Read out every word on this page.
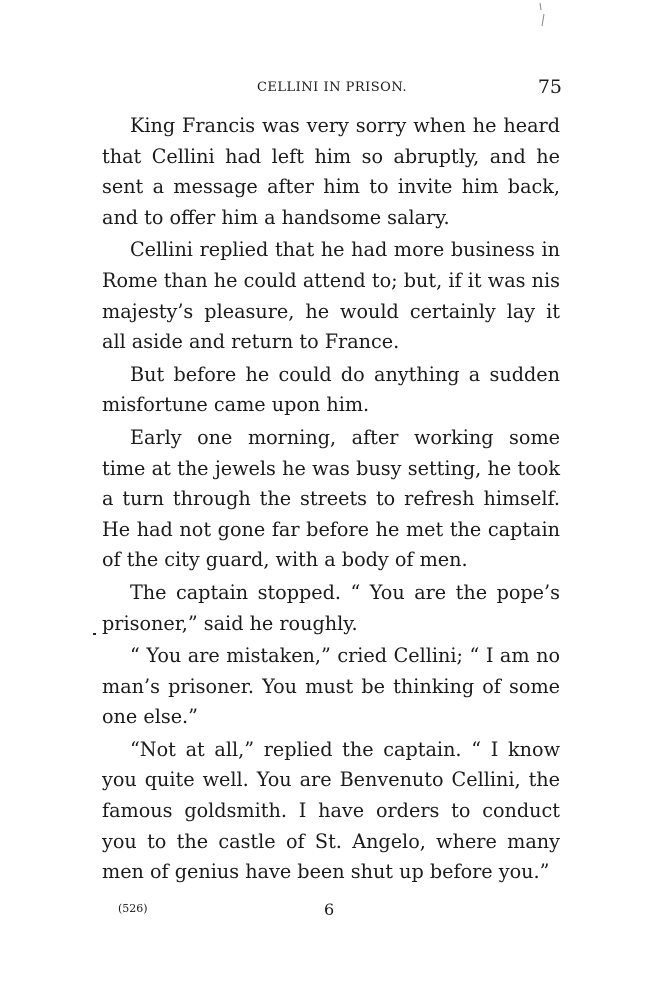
CELLINI IN PRISON.	75

King Francis was very sorry when he heard that Cellini had left him so abruptly, and he sent a message after him to invite him back, and to offer him a handsome salary.

Cellini replied that he had more business in Rome than he could attend to; but, if it was nis majesty’s pleasure, he would certainly lay it all aside and return to France.

But before he could do anything a sudden misfortune came upon him.

Early one morning, after working some time at the jewels he was busy setting, he took a turn through the streets to refresh himself. He had not gone far before he met the captain of the city guard, with a body of men.

The captain stopped. “ You are the pope’s prisoner,” said he roughly.

“ You are mistaken,” cried Cellini; “ I am no man’s prisoner. You must be thinking of some one else.”

“Not at all,” replied the captain. “ I know you quite well. You are Benvenuto Cellini, the famous goldsmith. I have orders to conduct you to the castle of St. Angelo, where many men of genius have been shut up before you.”

(526)	6
